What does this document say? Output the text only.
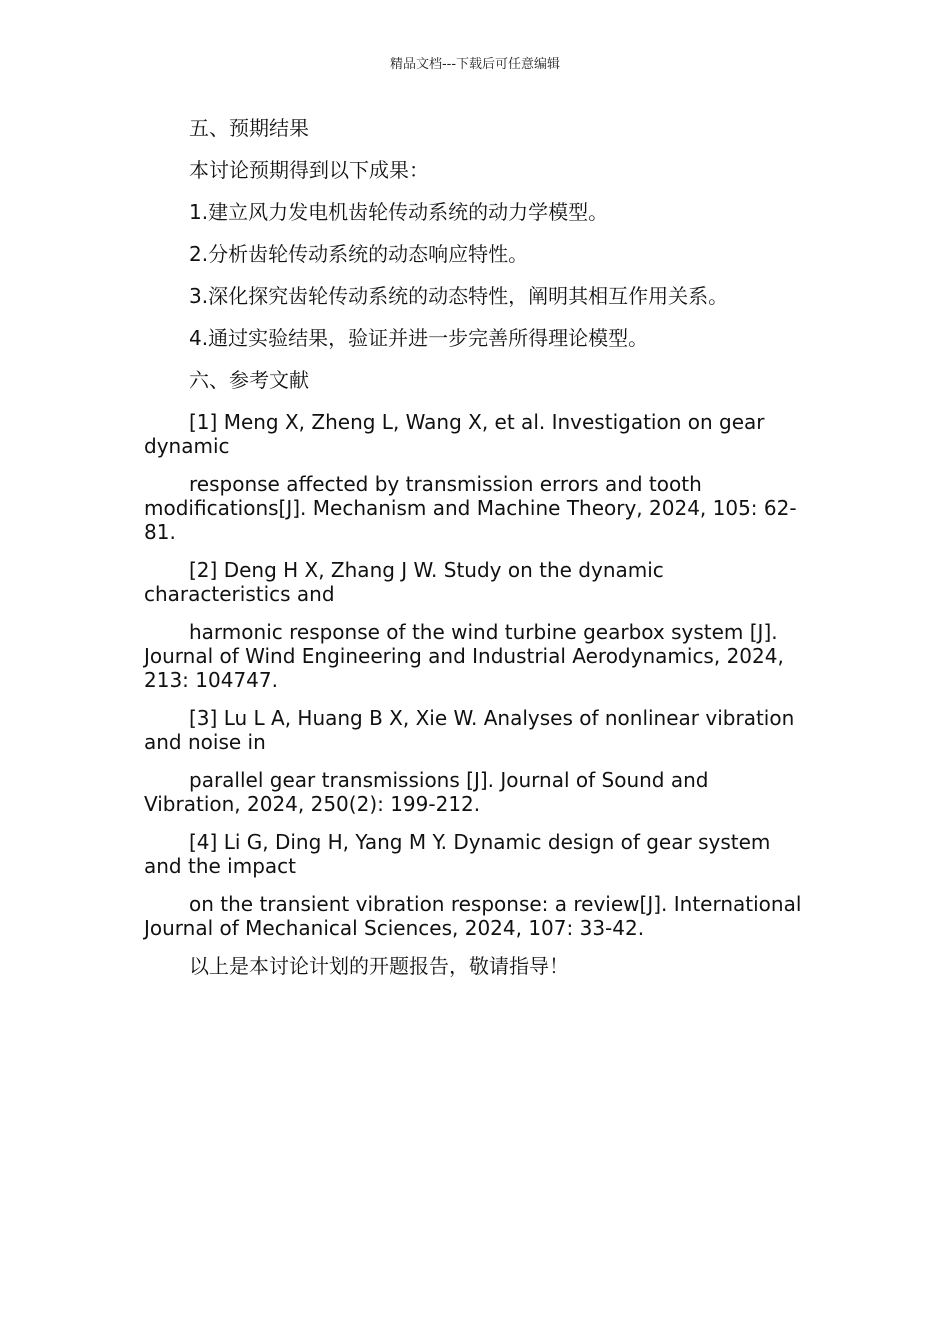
精品文档---下载后可任意编辑

五、预期结果

本讨论预期得到以下成果：

1.建立风力发电机齿轮传动系统的动力学模型。

2.分析齿轮传动系统的动态响应特性。

3.深化探究齿轮传动系统的动态特性，阐明其相互作用关系。

4.通过实验结果，验证并进一步完善所得理论模型。

六、参考文献

[1] Meng X, Zheng L, Wang X, et al. Investigation on gear dynamic

response affected by transmission errors and tooth modifications[J]. Mechanism and Machine Theory, 2024, 105: 62-81.

[2] Deng H X, Zhang J W. Study on the dynamic characteristics and

harmonic response of the wind turbine gearbox system [J]. Journal of Wind Engineering and Industrial Aerodynamics, 2024, 213: 104747.

[3] Lu L A, Huang B X, Xie W. Analyses of nonlinear vibration and noise in

parallel gear transmissions [J]. Journal of Sound and Vibration, 2024, 250(2): 199-212.

[4] Li G, Ding H, Yang M Y. Dynamic design of gear system and the impact

on the transient vibration response: a review[J]. International Journal of Mechanical Sciences, 2024, 107: 33-42.

以上是本讨论计划的开题报告，敬请指导！
